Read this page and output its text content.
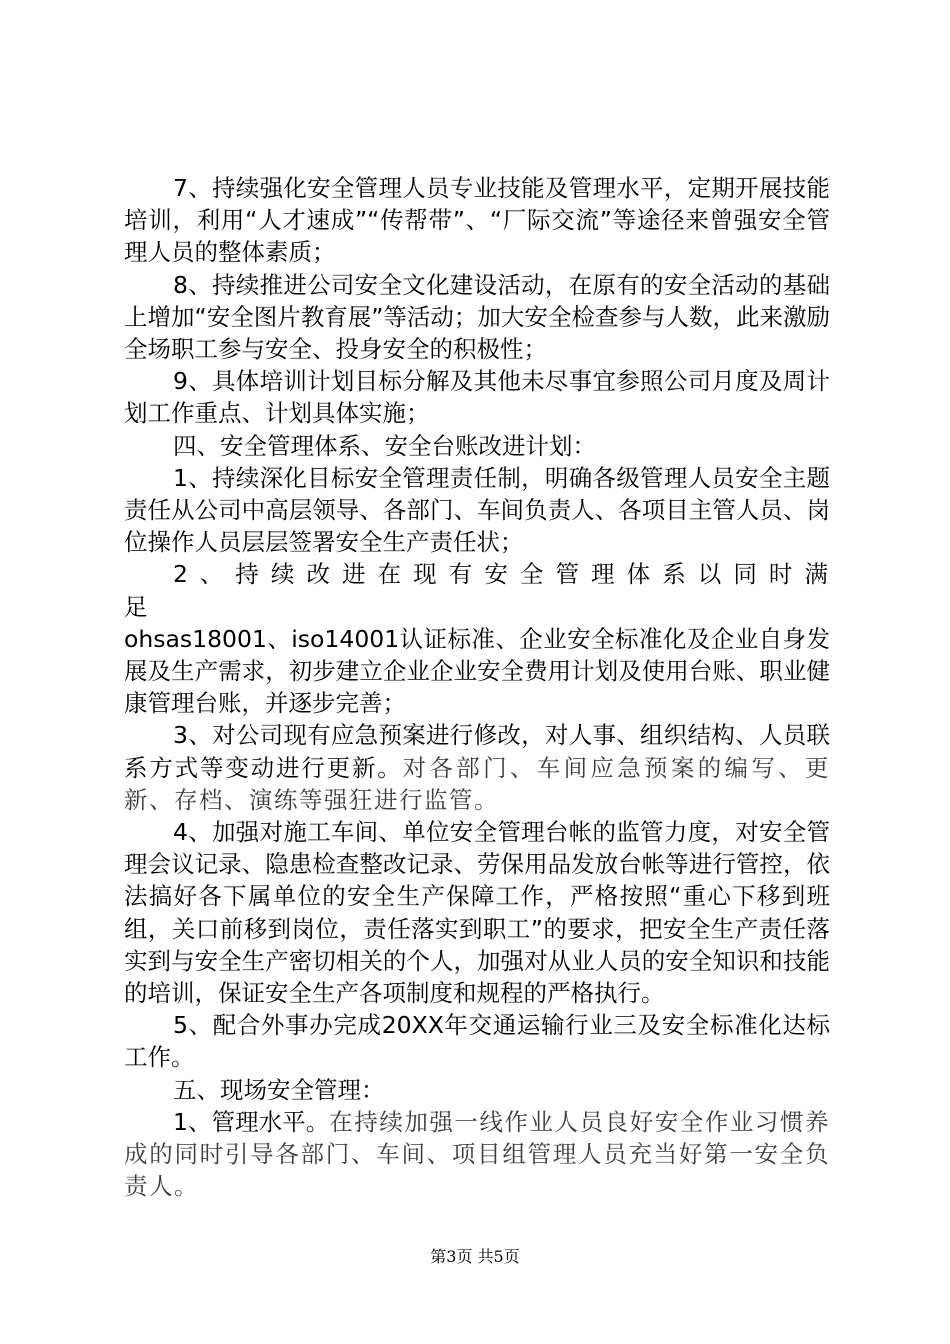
7、持续强化安全管理人员专业技能及管理水平，定期开展技能培训，利用“人才速成”“传帮带”、“厂际交流”等途径来曾强安全管理人员的整体素质；

8、持续推进公司安全文化建设活动，在原有的安全活动的基础上增加“安全图片教育展”等活动；加大安全检查参与人数，此来激励全场职工参与安全、投身安全的积极性；

9、具体培训计划目标分解及其他未尽事宜参照公司月度及周计划工作重点、计划具体实施；

四、安全管理体系、安全台账改进计划：

1、持续深化目标安全管理责任制，明确各级管理人员安全主题责任从公司中高层领导、各部门、车间负责人、各项目主管人员、岗位操作人员层层签署安全生产责任状；

2 、 持 续 改 进 在 现 有 安 全 管 理 体 系 以 同 时 满 足

ohsas18001、iso14001认证标准、企业安全标准化及企业自身发展及生产需求，初步建立企业企业安全费用计划及使用台账、职业健康管理台账，并逐步完善；

3、对公司现有应急预案进行修改，对人事、组织结构、人员联系方式等变动进行更新。对各部门、车间应急预案的编写、更新、存档、演练等强狂进行监管。

4、加强对施工车间、单位安全管理台帐的监管力度，对安全管理会议记录、隐患检查整改记录、劳保用品发放台帐等进行管控，依法搞好各下属单位的安全生产保障工作，严格按照“重心下移到班组，关口前移到岗位，责任落实到职工”的要求，把安全生产责任落实到与安全生产密切相关的个人，加强对从业人员的安全知识和技能的培训，保证安全生产各项制度和规程的严格执行。

5、配合外事办完成20XX年交通运输行业三及安全标准化达标工作。

五、现场安全管理：

1、管理水平。在持续加强一线作业人员良好安全作业习惯养成的同时引导各部门、车间、项目组管理人员充当好第一安全负责人。

第3页 共5页
